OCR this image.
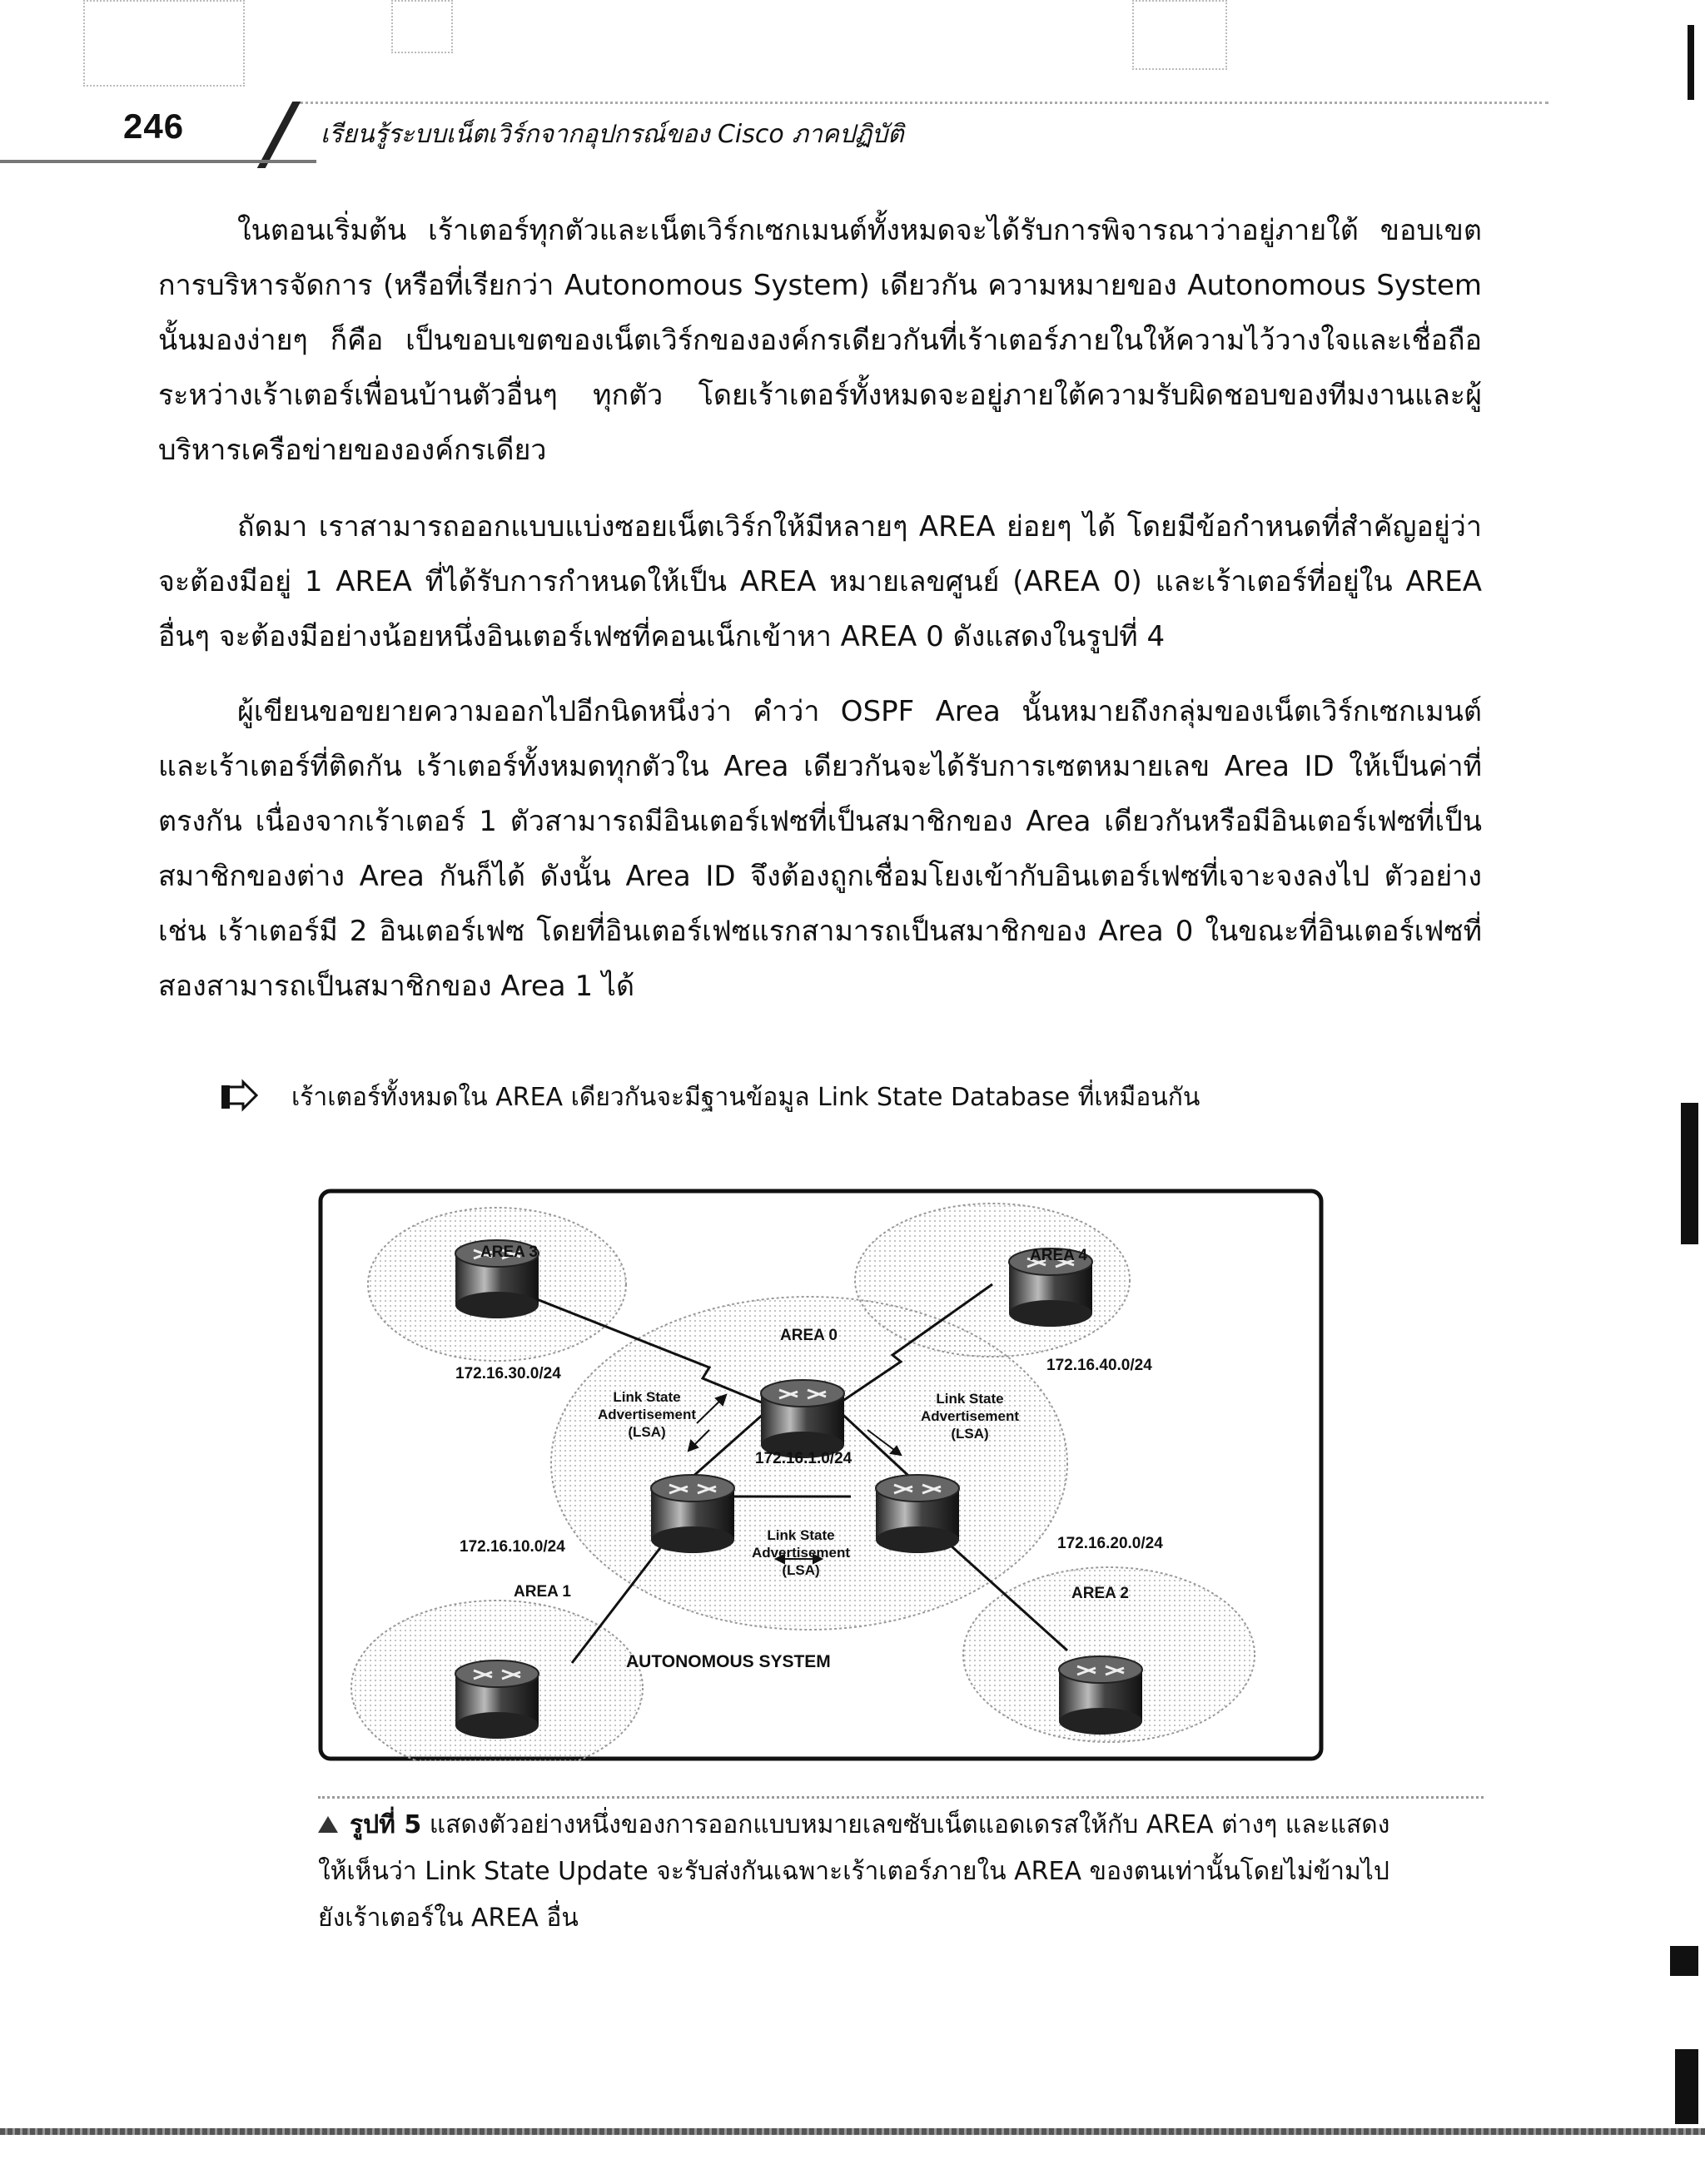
246	เรียนรู้ระบบเน็ตเวิร์กจากอุปกรณ์ของ Cisco ภาคปฏิบัติ

ในตอนเริ่มต้น เร้าเตอร์ทุกตัวและเน็ตเวิร์กเซกเมนต์ทั้งหมดจะได้รับการพิจารณาว่าอยู่ภายใต้ ขอบเขตการบริหารจัดการ (หรือที่เรียกว่า Autonomous System) เดียวกัน ความหมายของ Autonomous System นั้นมองง่ายๆ ก็คือ เป็นขอบเขตของเน็ตเวิร์กขององค์กรเดียวกันที่เร้าเตอร์ภายในให้ความไว้วางใจและเชื่อถือระหว่างเร้าเตอร์เพื่อนบ้านตัวอื่นๆ ทุกตัว โดยเร้าเตอร์ทั้งหมดจะอยู่ภายใต้ความรับผิดชอบของทีมงานและผู้บริหารเครือข่ายขององค์กรเดียว

ถัดมา เราสามารถออกแบบแบ่งซอยเน็ตเวิร์กให้มีหลายๆ AREA ย่อยๆ ได้ โดยมีข้อกำหนดที่สำคัญอยู่ว่า จะต้องมีอยู่ 1 AREA ที่ได้รับการกำหนดให้เป็น AREA หมายเลขศูนย์ (AREA 0) และเร้าเตอร์ที่อยู่ใน AREA อื่นๆ จะต้องมีอย่างน้อยหนึ่งอินเตอร์เฟซที่คอนเน็กเข้าหา AREA 0 ดังแสดงในรูปที่ 4

ผู้เขียนขอขยายความออกไปอีกนิดหนึ่งว่า คำว่า OSPF Area นั้นหมายถึงกลุ่มของเน็ตเวิร์กเซกเมนต์และเร้าเตอร์ที่ติดกัน เร้าเตอร์ทั้งหมดทุกตัวใน Area เดียวกันจะได้รับการเซตหมายเลข Area ID ให้เป็นค่าที่ตรงกัน เนื่องจากเร้าเตอร์ 1 ตัวสามารถมีอินเตอร์เฟซที่เป็นสมาชิกของ Area เดียวกันหรือมีอินเตอร์เฟซที่เป็นสมาชิกของต่าง Area กันก็ได้ ดังนั้น Area ID จึงต้องถูกเชื่อมโยงเข้ากับอินเตอร์เฟซที่เจาะจงลงไป ตัวอย่างเช่น เร้าเตอร์มี 2 อินเตอร์เฟซ โดยที่อินเตอร์เฟซแรกสามารถเป็นสมาชิกของ Area 0 ในขณะที่อินเตอร์เฟซที่สองสามารถเป็นสมาชิกของ Area 1 ได้

เร้าเตอร์ทั้งหมดใน AREA เดียวกันจะมีฐานข้อมูล Link State Database ที่เหมือนกัน
AREA 3	AREA 4
AREA 0
AREA 1	AREA 2
172.16.30.0/24	172.16.40.0/24
172.16.1.0/24
172.16.10.0/24	172.16.20.0/24
AUTONOMOUS SYSTEM
Link State
Advertisement
(LSA)
Link State
Advertisement
(LSA)
Link State
Advertisement
(LSA)
รูปที่ 5 แสดงตัวอย่างหนึ่งของการออกแบบหมายเลขซับเน็ตแอดเดรสให้กับ AREA ต่างๆ และแสดงให้เห็นว่า Link State Update จะรับส่งกันเฉพาะเร้าเตอร์ภายใน AREA ของตนเท่านั้นโดยไม่ข้ามไปยังเร้าเตอร์ใน AREA อื่น
